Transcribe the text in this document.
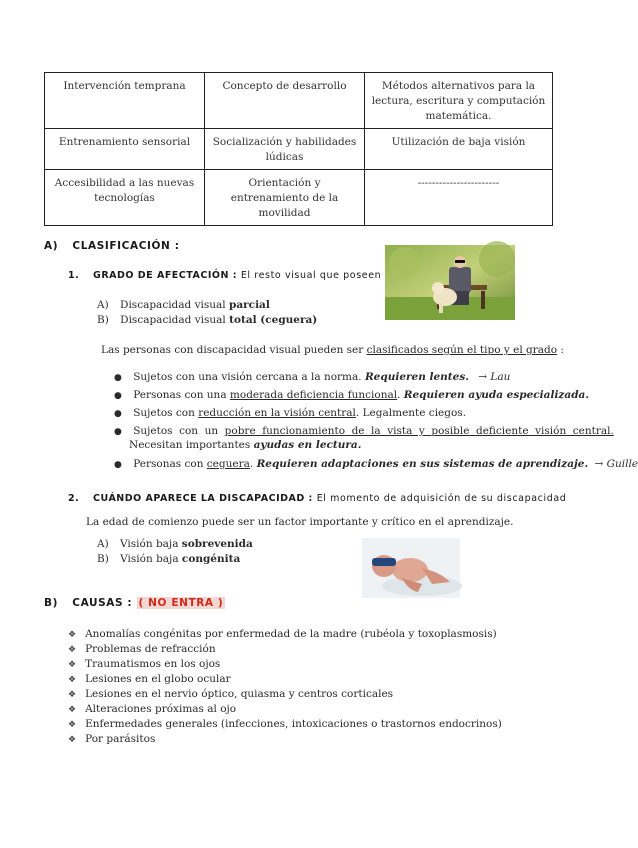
Intervención temprana	Concepto de desarrollo	Métodos alternativos para la lectura, escritura y computación matemática.
Entrenamiento sensorial	Socialización y habilidades lúdicas	Utilización de baja visión
Accesibilidad a las nuevas tecnologías	Orientación y entrenamiento de la movilidad	-----------------------
A) CLASIFICACIÓN :
1. GRADO DE AFECTACIÓN : El resto visual que poseen
A) Discapacidad visual parcial
B) Discapacidad visual total (ceguera)
Las personas con discapacidad visual pueden ser clasificados según el tipo y el grado :
● Sujetos con una visión cercana a la norma. Requieren lentes. → Lau
● Personas con una moderada deficiencia funcional. Requieren ayuda especializada.
● Sujetos con reducción en la visión central. Legalmente ciegos.
● Sujetos con un pobre funcionamiento de la vista y posible deficiente visión central.
Necesitan importantes ayudas en lectura.
● Personas con ceguera. Requieren adaptaciones en sus sistemas de aprendizaje. → Guille
2. CUÁNDO APARECE LA DISCAPACIDAD : El momento de adquisición de su discapacidad
La edad de comienzo puede ser un factor importante y crítico en el aprendizaje.
A) Visión baja sobrevenida
B) Visión baja congénita
B) CAUSAS : ( NO ENTRA )
❖ Anomalías congénitas por enfermedad de la madre (rubéola y toxoplasmosis)
❖ Problemas de refracción
❖ Traumatismos en los ojos
❖ Lesiones en el globo ocular
❖ Lesiones en el nervio óptico, quiasma y centros corticales
❖ Alteraciones próximas al ojo
❖ Enfermedades generales (infecciones, intoxicaciones o trastornos endocrinos)
❖ Por parásitos
